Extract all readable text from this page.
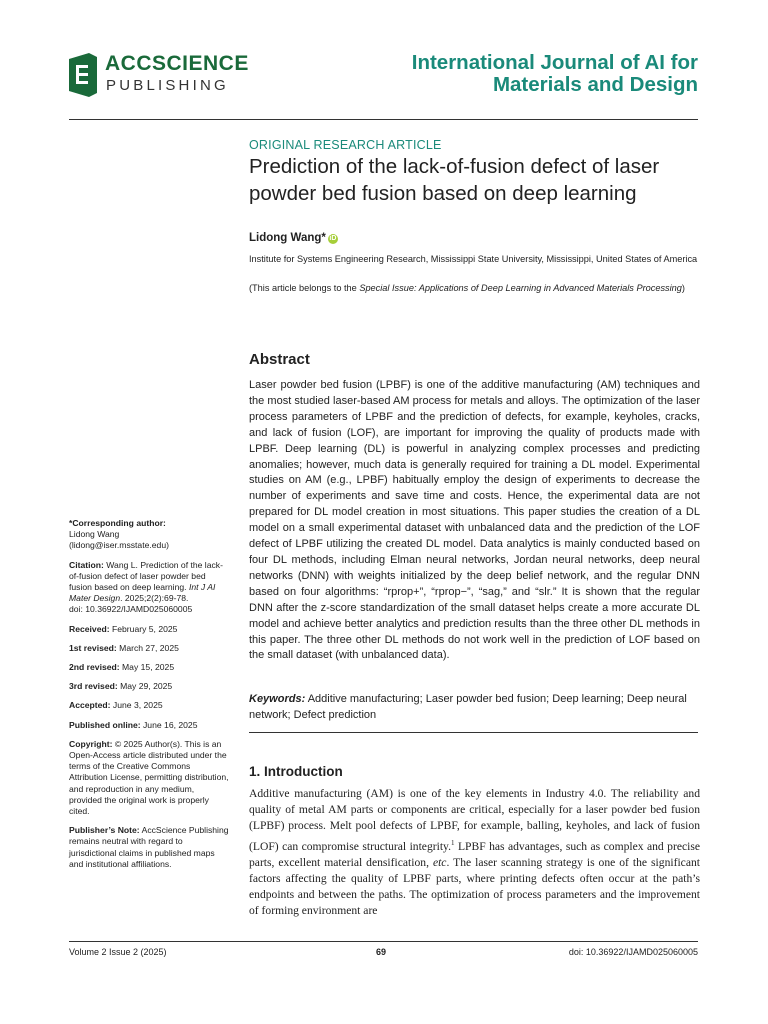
ACCSCIENCE
PUBLISHING
International Journal of AI for
Materials and Design
ORIGINAL RESEARCH ARTICLE
Prediction of the lack-of-fusion defect of laser powder bed fusion based on deep learning
Lidong Wang* iD
Institute for Systems Engineering Research, Mississippi State University, Mississippi, United States of America
(This article belongs to the Special Issue: Applications of Deep Learning in Advanced Materials Processing)
Abstract
Laser powder bed fusion (LPBF) is one of the additive manufacturing (AM) techniques and the most studied laser-based AM process for metals and alloys. The optimization of the laser process parameters of LPBF and the prediction of defects, for example, keyholes, cracks, and lack of fusion (LOF), are important for improving the quality of products made with LPBF. Deep learning (DL) is powerful in analyzing complex processes and predicting anomalies; however, much data is generally required for training a DL model. Experimental studies on AM (e.g., LPBF) habitually employ the design of experiments to decrease the number of experiments and save time and costs. Hence, the experimental data are not prepared for DL model creation in most situations. This paper studies the creation of a DL model on a small experimental dataset with unbalanced data and the prediction of the LOF defect of LPBF utilizing the created DL model. Data analytics is mainly conducted based on four DL methods, including Elman neural networks, Jordan neural networks, deep neural networks (DNN) with weights initialized by the deep belief network, and the regular DNN based on four algorithms: “rprop+”, “rprop−”, “sag,” and “slr.” It is shown that the regular DNN after the z-score standardization of the small dataset helps create a more accurate DL model and achieve better analytics and prediction results than the three other DL methods in this paper. The three other DL methods do not work well in the prediction of LOF based on the small dataset (with unbalanced data).
Keywords: Additive manufacturing; Laser powder bed fusion; Deep learning; Deep neural network; Defect prediction
1. Introduction
Additive manufacturing (AM) is one of the key elements in Industry 4.0. The reliability and quality of metal AM parts or components are critical, especially for a laser powder bed fusion (LPBF) process. Melt pool defects of LPBF, for example, balling, keyholes, and lack of fusion (LOF) can compromise structural integrity.$^1$ LPBF has advantages, such as complex and precise parts, excellent material densification, etc. The laser scanning strategy is one of the significant factors affecting the quality of LPBF parts, where printing defects often occur at the path’s endpoints and between the paths. The optimization of process parameters and the improvement of forming environment are
*Corresponding author:
Lidong Wang
(lidong@iser.msstate.edu)
Citation: Wang L. Prediction of the lack-of-fusion defect of laser powder bed fusion based on deep learning. Int J AI Mater Design. 2025;2(2):69-78.
doi: 10.36922/IJAMD025060005
Received: February 5, 2025
1st revised: March 27, 2025
2nd revised: May 15, 2025
3rd revised: May 29, 2025
Accepted: June 3, 2025
Published online: June 16, 2025
Copyright: © 2025 Author(s). This is an Open-Access article distributed under the terms of the Creative Commons Attribution License, permitting distribution, and reproduction in any medium, provided the original work is properly cited.
Publisher’s Note: AccScience Publishing remains neutral with regard to jurisdictional claims in published maps and institutional affiliations.
Volume 2 Issue 2 (2025)	69	doi: 10.36922/IJAMD025060005
